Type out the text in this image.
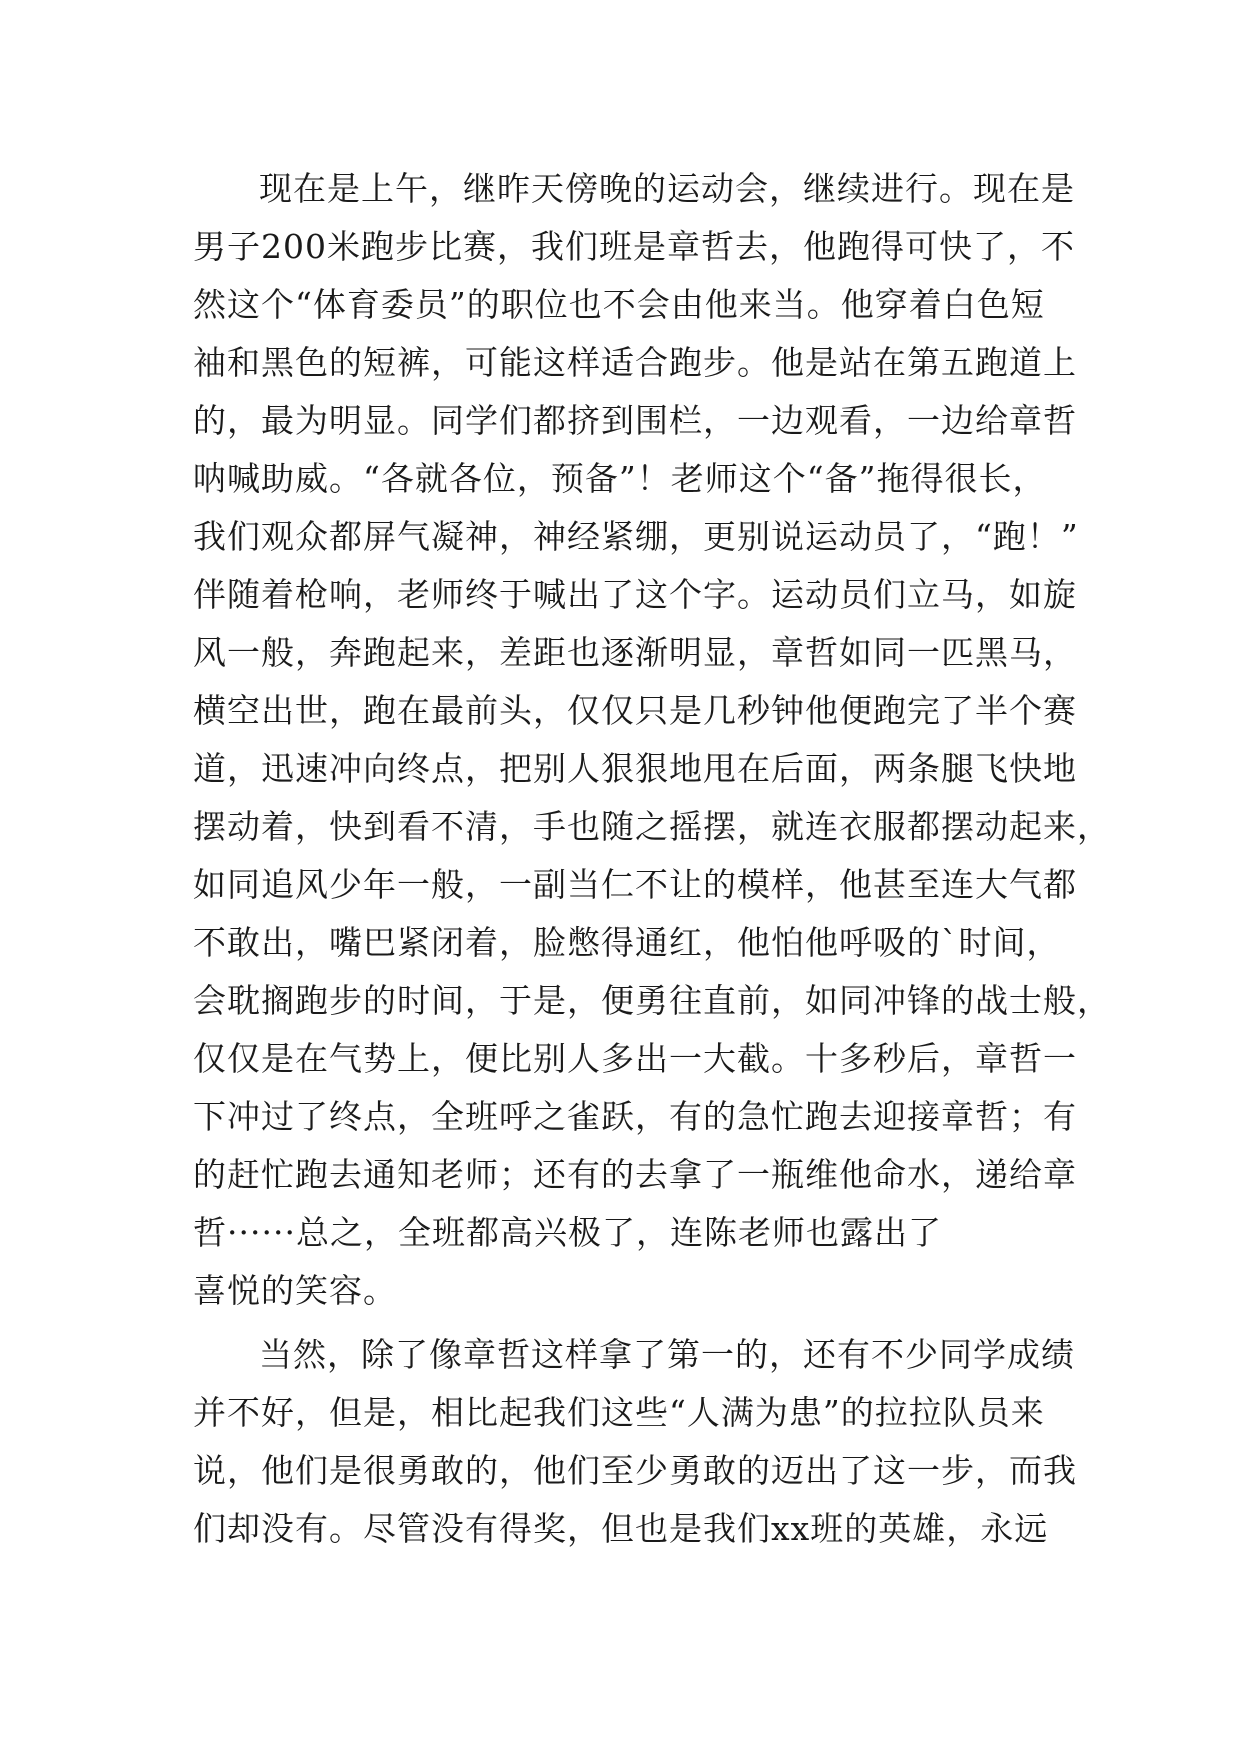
现在是上午，继昨天傍晚的运动会，继续进行。现在是
男子200米跑步比赛，我们班是章哲去，他跑得可快了，不
然这个“体育委员”的职位也不会由他来当。他穿着白色短
袖和黑色的短裤，可能这样适合跑步。他是站在第五跑道上
的，最为明显。同学们都挤到围栏，一边观看，一边给章哲
呐喊助威。“各就各位，预备”！老师这个“备”拖得很长，
我们观众都屏气凝神，神经紧绷，更别说运动员了，“跑！”
伴随着枪响，老师终于喊出了这个字。运动员们立马，如旋
风一般，奔跑起来，差距也逐渐明显，章哲如同一匹黑马，
横空出世，跑在最前头，仅仅只是几秒钟他便跑完了半个赛
道，迅速冲向终点，把别人狠狠地甩在后面，两条腿飞快地
摆动着，快到看不清，手也随之摇摆，就连衣服都摆动起来，
如同追风少年一般，一副当仁不让的模样，他甚至连大气都
不敢出，嘴巴紧闭着，脸憋得通红，他怕他呼吸的`时间，
会耽搁跑步的时间，于是，便勇往直前，如同冲锋的战士般，
仅仅是在气势上，便比别人多出一大截。十多秒后，章哲一
下冲过了终点，全班呼之雀跃，有的急忙跑去迎接章哲；有
的赶忙跑去通知老师；还有的去拿了一瓶维他命水，递给章
哲······总之，全班都高兴极了，连陈老师也露出了
喜悦的笑容。
当然，除了像章哲这样拿了第一的，还有不少同学成绩
并不好，但是，相比起我们这些“人满为患”的拉拉队员来
说，他们是很勇敢的，他们至少勇敢的迈出了这一步，而我
们却没有。尽管没有得奖，但也是我们xx班的英雄，永远
